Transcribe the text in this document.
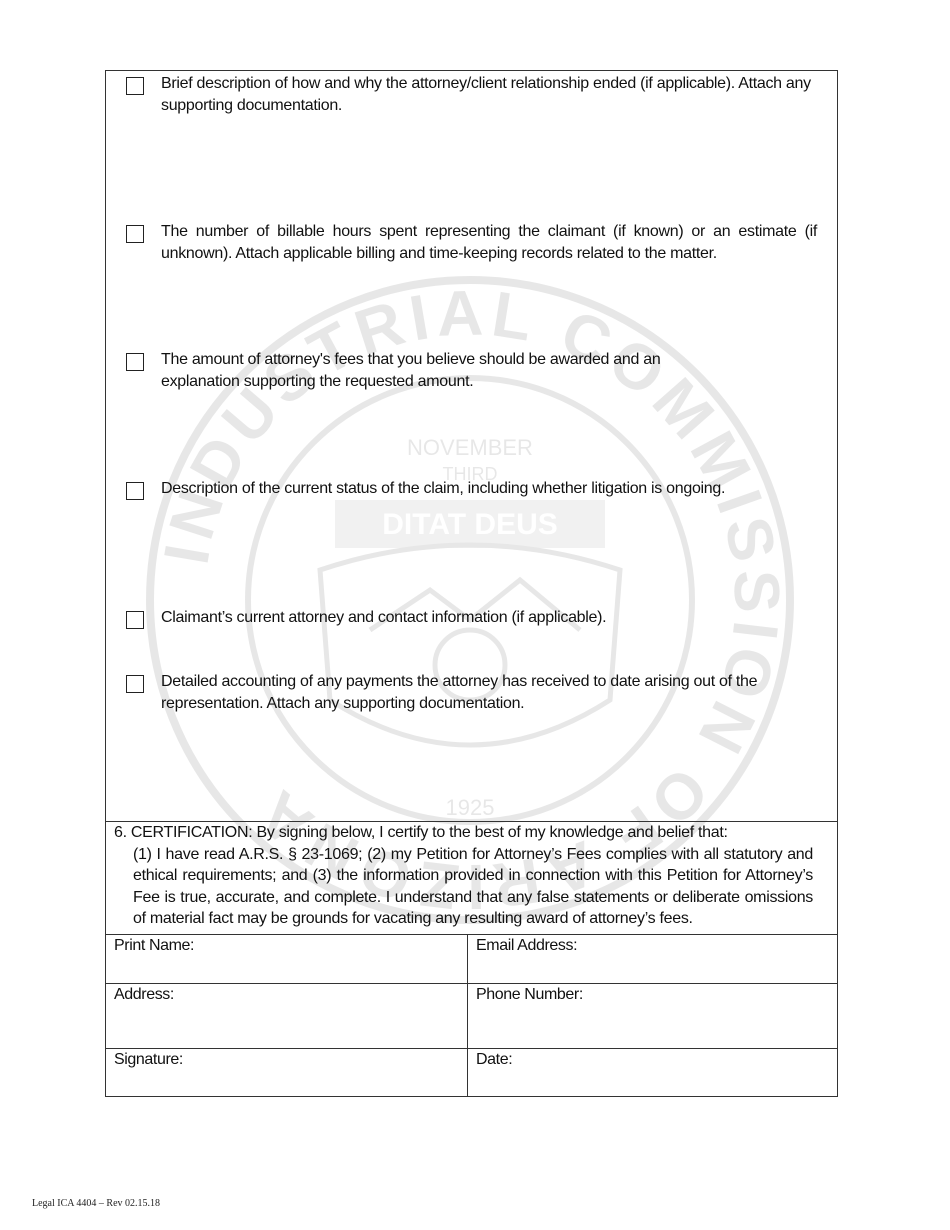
INDUSTRIAL COMMISSION OF ARIZONA
NOVEMBER
THIRD
DITAT DEUS
1925
Brief description of how and why the attorney/client relationship ended (if applicable). Attach any supporting documentation.
The number of billable hours spent representing the claimant (if known) or an estimate (if unknown). Attach applicable billing and time-keeping records related to the matter.
The amount of attorney's fees that you believe should be awarded and an explanation supporting the requested amount.
Description of the current status of the claim, including whether litigation is ongoing.
Claimant’s current attorney and contact information (if applicable).
Detailed accounting of any payments the attorney has received to date arising out of the representation. Attach any supporting documentation.
6. CERTIFICATION: By signing below, I certify to the best of my knowledge and belief that:
(1) I have read A.R.S. § 23-1069; (2) my Petition for Attorney’s Fees complies with all statutory and ethical requirements; and (3) the information provided in connection with this Petition for Attorney’s Fee is true, accurate, and complete. I understand that any false statements or deliberate omissions of material fact may be grounds for vacating any resulting award of attorney’s fees.
Print Name:	Email Address:
Address:	Phone Number:
Signature:	Date:
Legal ICA 4404 – Rev 02.15.18
